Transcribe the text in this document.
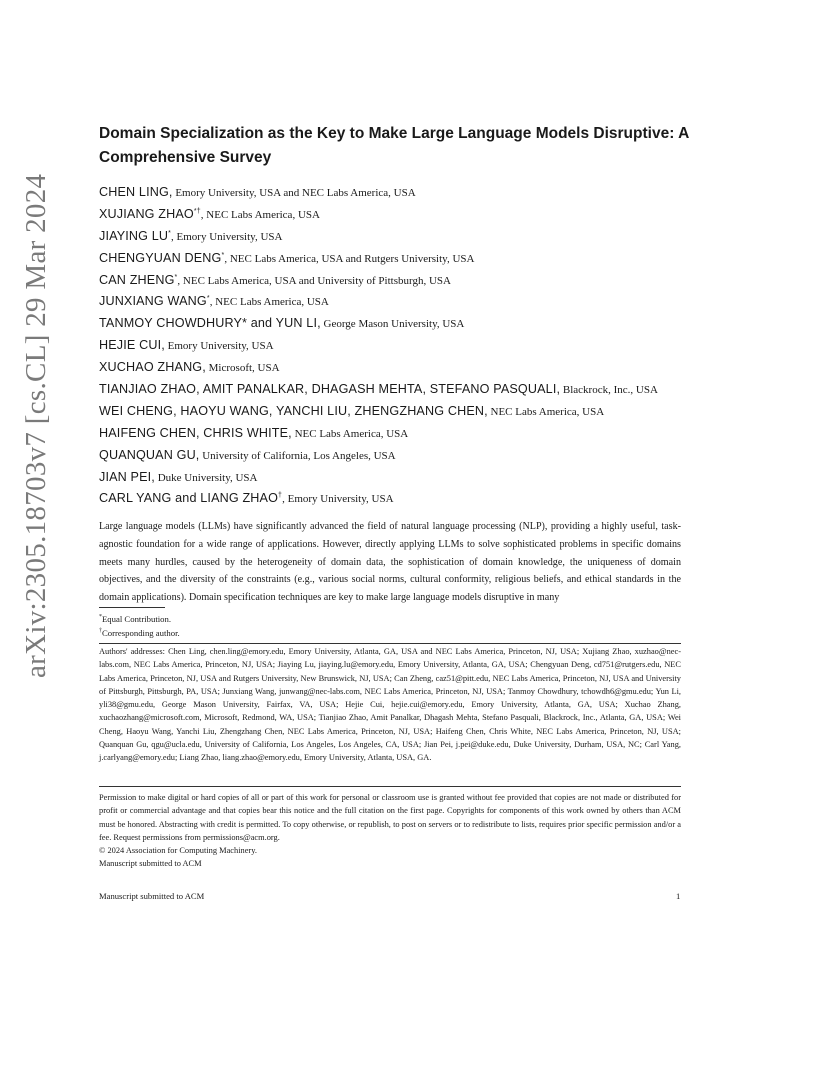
arXiv:2305.18703v7 [cs.CL] 29 Mar 2024
Domain Specialization as the Key to Make Large Language Models Disruptive: A Comprehensive Survey
CHEN LING, Emory University, USA and NEC Labs America, USA
XUJIANG ZHAO*†, NEC Labs America, USA
JIAYING LU*, Emory University, USA
CHENGYUAN DENG*, NEC Labs America, USA and Rutgers University, USA
CAN ZHENG*, NEC Labs America, USA and University of Pittsburgh, USA
JUNXIANG WANG*, NEC Labs America, USA
TANMOY CHOWDHURY* and YUN LI, George Mason University, USA
HEJIE CUI, Emory University, USA
XUCHAO ZHANG, Microsoft, USA
TIANJIAO ZHAO, AMIT PANALKAR, DHAGASH MEHTA, STEFANO PASQUALI, Blackrock, Inc., USA
WEI CHENG, HAOYU WANG, YANCHI LIU, ZHENGZHANG CHEN, NEC Labs America, USA
HAIFENG CHEN, CHRIS WHITE, NEC Labs America, USA
QUANQUAN GU, University of California, Los Angeles, USA
JIAN PEI, Duke University, USA
CARL YANG and LIANG ZHAO†, Emory University, USA
Large language models (LLMs) have significantly advanced the field of natural language processing (NLP), providing a highly useful, task-agnostic foundation for a wide range of applications. However, directly applying LLMs to solve sophisticated problems in specific domains meets many hurdles, caused by the heterogeneity of domain data, the sophistication of domain knowledge, the uniqueness of domain objectives, and the diversity of the constraints (e.g., various social norms, cultural conformity, religious beliefs, and ethical standards in the domain applications). Domain specification techniques are key to make large language models disruptive in many
*Equal Contribution.
†Corresponding author.
Authors' addresses: Chen Ling, chen.ling@emory.edu, Emory University, Atlanta, GA, USA and NEC Labs America, Princeton, NJ, USA; Xujiang Zhao, xuzhao@nec-labs.com, NEC Labs America, Princeton, NJ, USA; Jiaying Lu, jiaying.lu@emory.edu, Emory University, Atlanta, GA, USA; Chengyuan Deng, cd751@rutgers.edu, NEC Labs America, Princeton, NJ, USA and Rutgers University, New Brunswick, NJ, USA; Can Zheng, caz51@pitt.edu, NEC Labs America, Princeton, NJ, USA and University of Pittsburgh, Pittsburgh, PA, USA; Junxiang Wang, junwang@nec-labs.com, NEC Labs America, Princeton, NJ, USA; Tanmoy Chowdhury, tchowdh6@gmu.edu; Yun Li, yli38@gmu.edu, George Mason University, Fairfax, VA, USA; Hejie Cui, hejie.cui@emory.edu, Emory University, Atlanta, GA, USA; Xuchao Zhang, xuchaozhang@microsoft.com, Microsoft, Redmond, WA, USA; Tianjiao Zhao, Amit Panalkar, Dhagash Mehta, Stefano Pasquali, Blackrock, Inc., Atlanta, GA, USA; Wei Cheng, Haoyu Wang, Yanchi Liu, Zhengzhang Chen, NEC Labs America, Princeton, NJ, USA; Haifeng Chen, Chris White, NEC Labs America, Princeton, NJ, USA; Quanquan Gu, qgu@ucla.edu, University of California, Los Angeles, Los Angeles, CA, USA; Jian Pei, j.pei@duke.edu, Duke University, Durham, USA, NC; Carl Yang, j.carlyang@emory.edu; Liang Zhao, liang.zhao@emory.edu, Emory University, Atlanta, USA, GA.
Permission to make digital or hard copies of all or part of this work for personal or classroom use is granted without fee provided that copies are not made or distributed for profit or commercial advantage and that copies bear this notice and the full citation on the first page. Copyrights for components of this work owned by others than ACM must be honored. Abstracting with credit is permitted. To copy otherwise, or republish, to post on servers or to redistribute to lists, requires prior specific permission and/or a fee. Request permissions from permissions@acm.org.
© 2024 Association for Computing Machinery.
Manuscript submitted to ACM
Manuscript submitted to ACM	1
